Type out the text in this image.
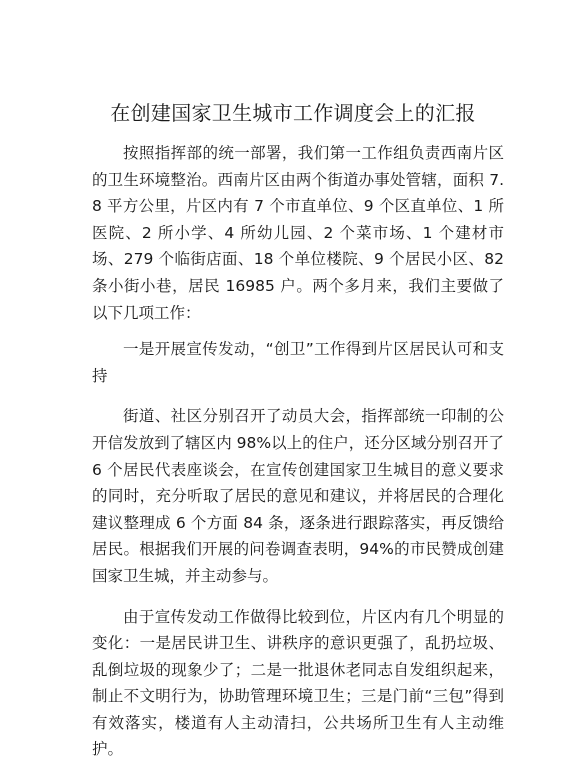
在创建国家卫生城市工作调度会上的汇报

按照指挥部的统一部署，我们第一工作组负责西南片区的卫生环境整治。西南片区由两个街道办事处管辖，面积 7.8 平方公里，片区内有 7 个市直单位、9 个区直单位、1 所医院、2 所小学、4 所幼儿园、2 个菜市场、1 个建材市场、279 个临街店面、18 个单位楼院、9 个居民小区、82 条小街小巷，居民 16985 户。两个多月来，我们主要做了以下几项工作：

一是开展宣传发动，“创卫”工作得到片区居民认可和支持

街道、社区分别召开了动员大会，指挥部统一印制的公开信发放到了辖区内 98%以上的住户，还分区域分别召开了 6 个居民代表座谈会，在宣传创建国家卫生城目的意义要求的同时，充分听取了居民的意见和建议，并将居民的合理化建议整理成 6 个方面 84 条，逐条进行跟踪落实，再反馈给居民。根据我们开展的问卷调查表明，94%的市民赞成创建国家卫生城，并主动参与。

由于宣传发动工作做得比较到位，片区内有几个明显的变化：一是居民讲卫生、讲秩序的意识更强了，乱扔垃圾、乱倒垃圾的现象少了；二是一批退休老同志自发组织起来，制止不文明行为，协助管理环境卫生；三是门前“三包”得到有效落实，楼道有人主动清扫，公共场所卫生有人主动维护。
